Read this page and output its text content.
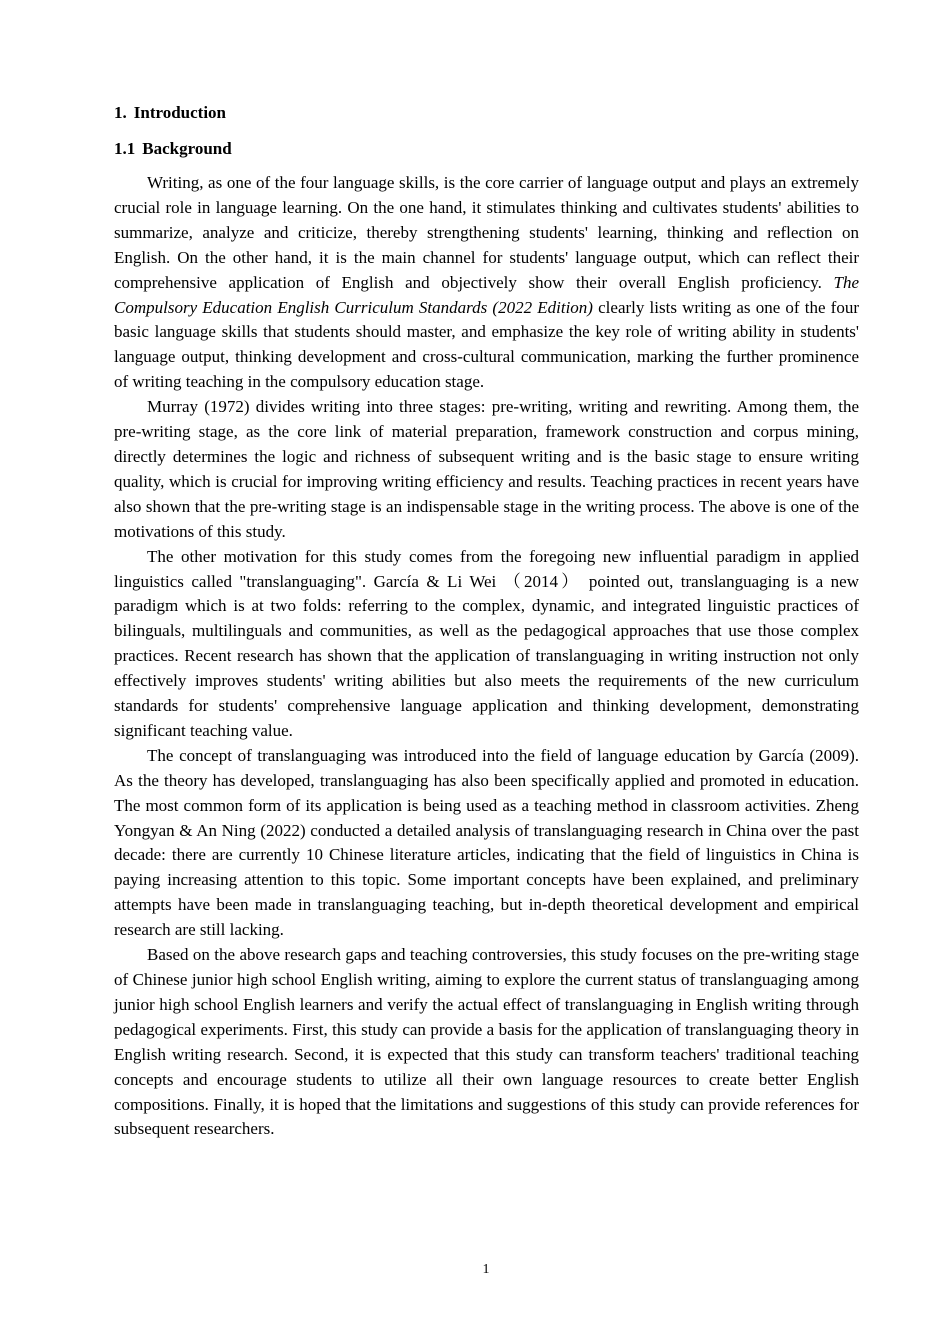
1. Introduction
1.1 Background

Writing, as one of the four language skills, is the core carrier of language output and plays an extremely crucial role in language learning. On the one hand, it stimulates thinking and cultivates students' abilities to summarize, analyze and criticize, thereby strengthening students' learning, thinking and reflection on English. On the other hand, it is the main channel for students' language output, which can reflect their comprehensive application of English and objectively show their overall English proficiency. The Compulsory Education English Curriculum Standards (2022 Edition) clearly lists writing as one of the four basic language skills that students should master, and emphasize the key role of writing ability in students' language output, thinking development and cross-cultural communication, marking the further prominence of writing teaching in the compulsory education stage.

Murray (1972) divides writing into three stages: pre-writing, writing and rewriting. Among them, the pre-writing stage, as the core link of material preparation, framework construction and corpus mining, directly determines the logic and richness of subsequent writing and is the basic stage to ensure writing quality, which is crucial for improving writing efficiency and results. Teaching practices in recent years have also shown that the pre-writing stage is an indispensable stage in the writing process. The above is one of the motivations of this study.

The other motivation for this study comes from the foregoing new influential paradigm in applied linguistics called "translanguaging". García & Li Wei （2014） pointed out, translanguaging is a new paradigm which is at two folds: referring to the complex, dynamic, and integrated linguistic practices of bilinguals, multilinguals and communities, as well as the pedagogical approaches that use those complex practices. Recent research has shown that the application of translanguaging in writing instruction not only effectively improves students' writing abilities but also meets the requirements of the new curriculum standards for students' comprehensive language application and thinking development, demonstrating significant teaching value.

The concept of translanguaging was introduced into the field of language education by García (2009). As the theory has developed, translanguaging has also been specifically applied and promoted in education. The most common form of its application is being used as a teaching method in classroom activities. Zheng Yongyan & An Ning (2022) conducted a detailed analysis of translanguaging research in China over the past decade: there are currently 10 Chinese literature articles, indicating that the field of linguistics in China is paying increasing attention to this topic. Some important concepts have been explained, and preliminary attempts have been made in translanguaging teaching, but in-depth theoretical development and empirical research are still lacking.

Based on the above research gaps and teaching controversies, this study focuses on the pre-writing stage of Chinese junior high school English writing, aiming to explore the current status of translanguaging among junior high school English learners and verify the actual effect of translanguaging in English writing through pedagogical experiments. First, this study can provide a basis for the application of translanguaging theory in English writing research. Second, it is expected that this study can transform teachers' traditional teaching concepts and encourage students to utilize all their own language resources to create better English compositions. Finally, it is hoped that the limitations and suggestions of this study can provide references for subsequent researchers.

1
